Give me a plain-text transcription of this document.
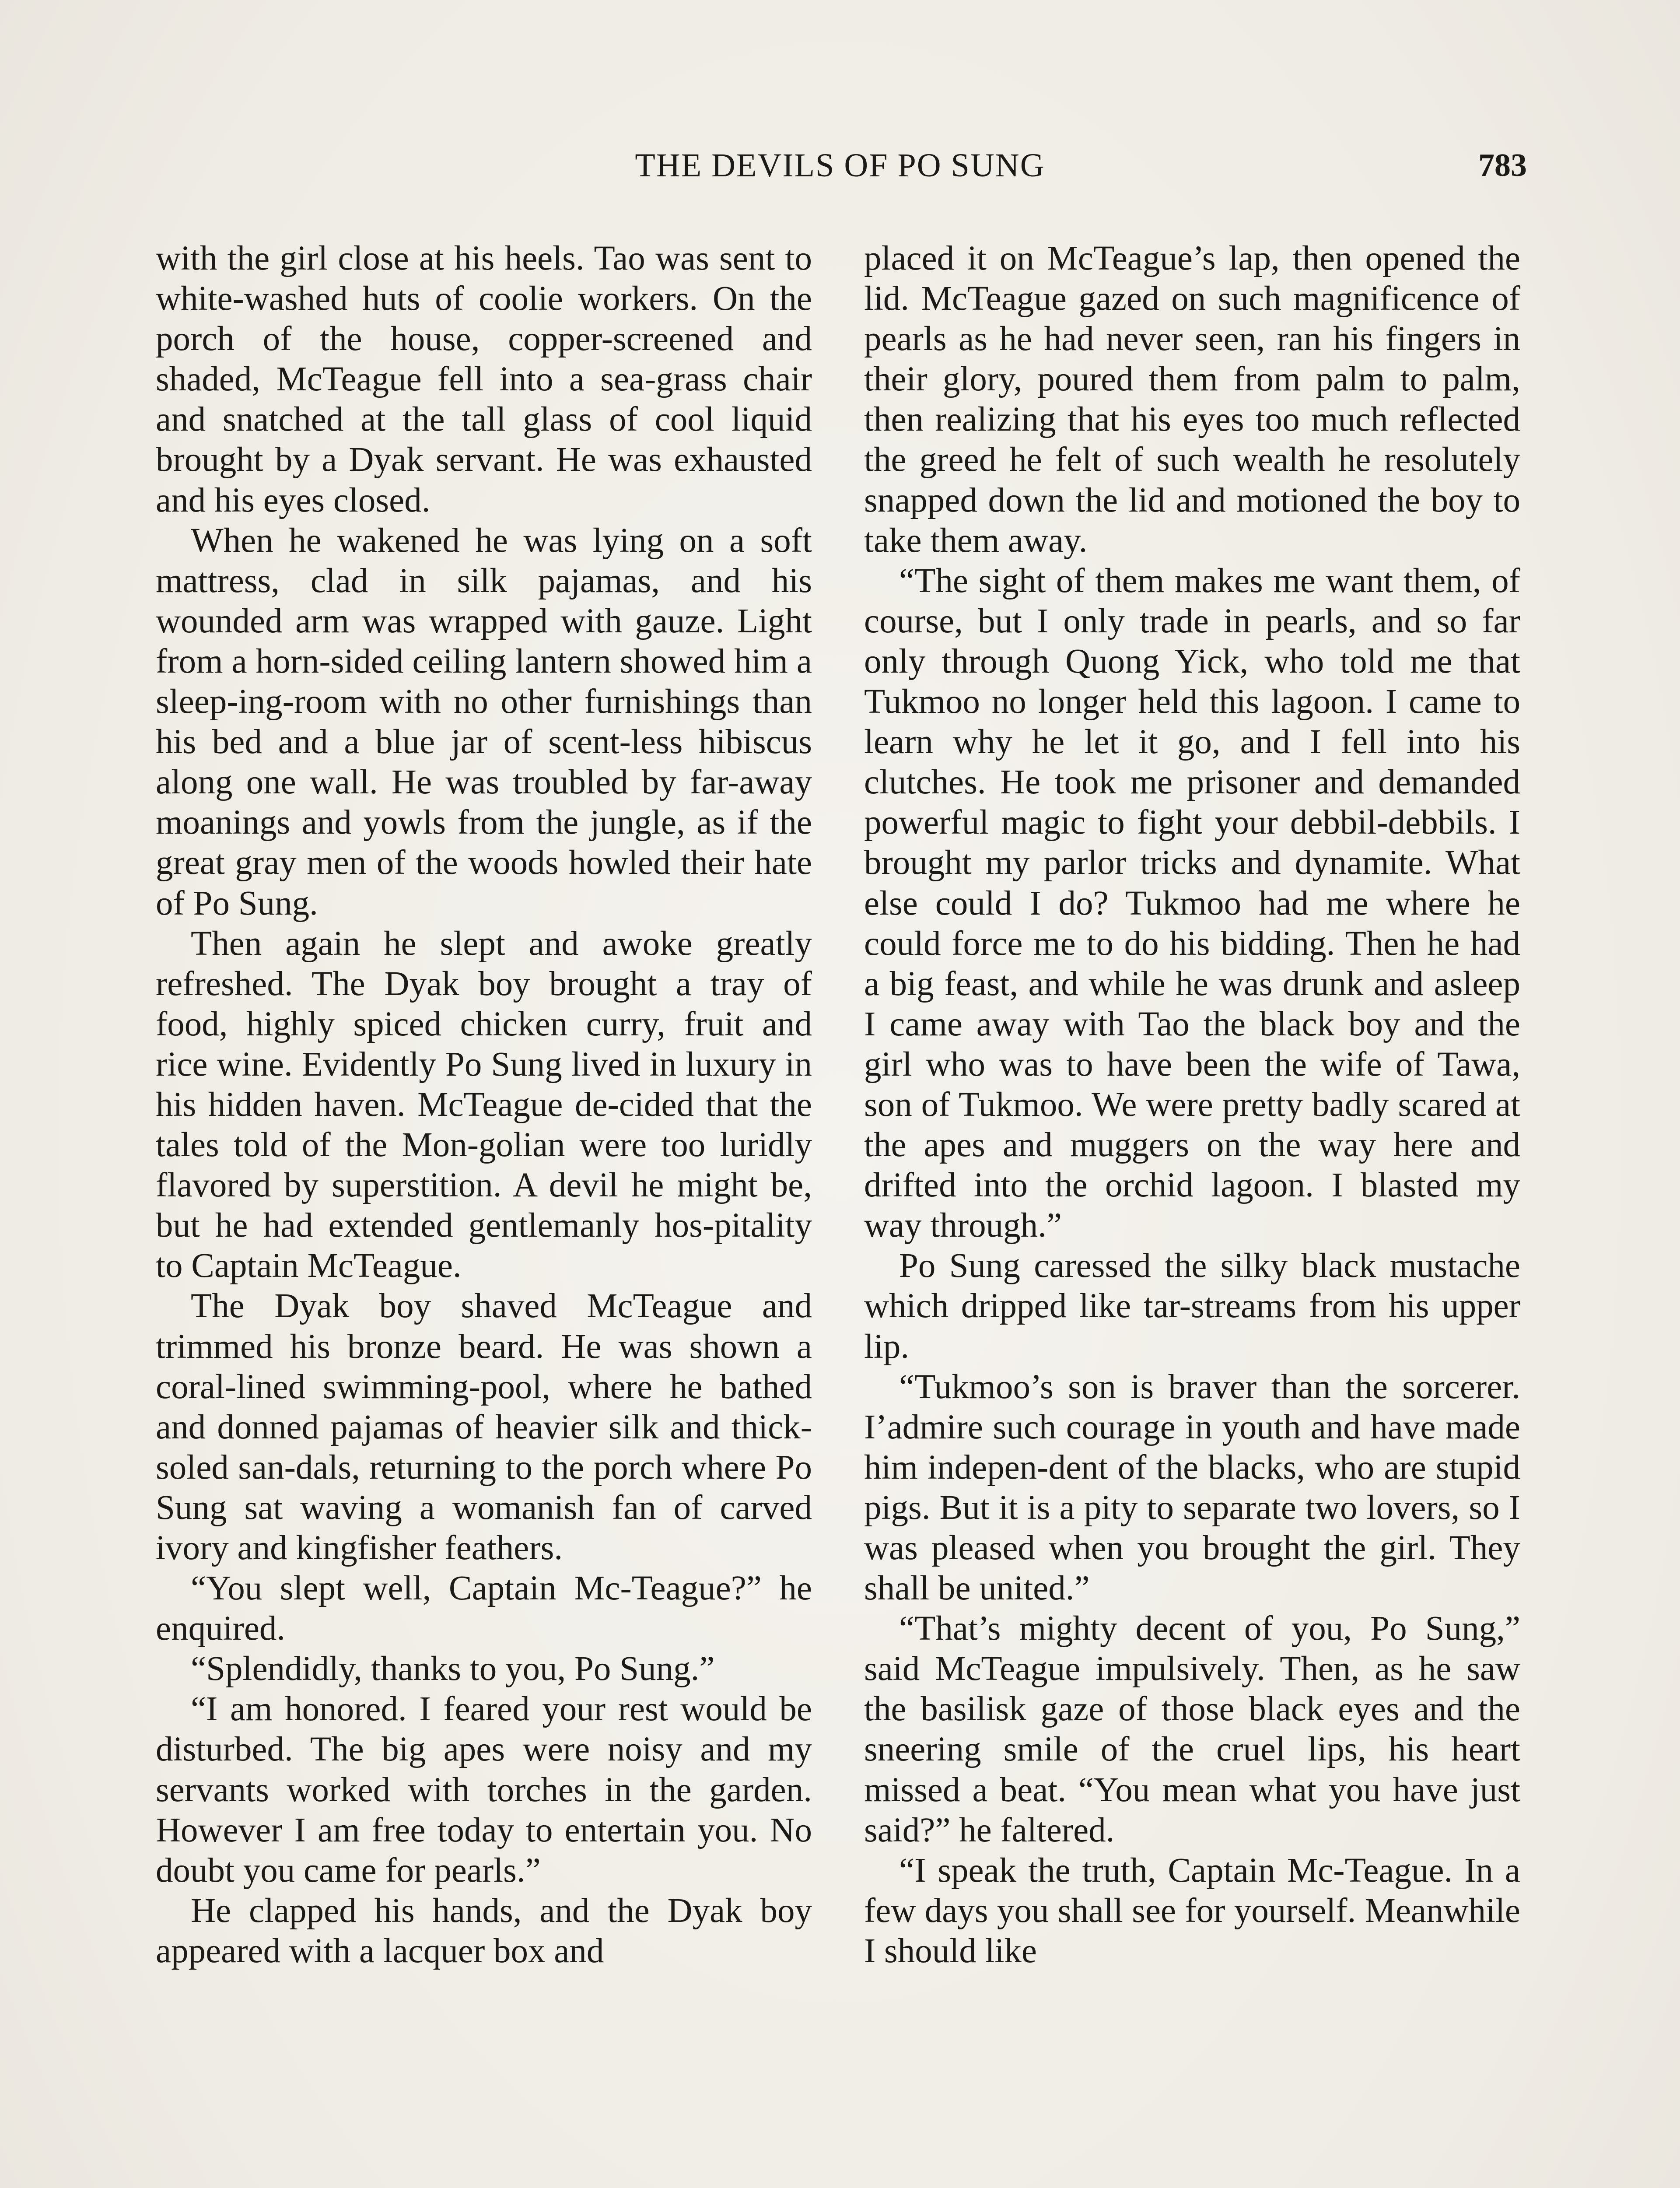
THE DEVILS OF PO SUNG	783

with the girl close at his heels. Tao was sent to white-washed huts of coolie workers. On the porch of the house, copper-screened and shaded, McTeague fell into a sea-grass chair and snatched at the tall glass of cool liquid brought by a Dyak servant. He was exhausted and his eyes closed.

When he wakened he was lying on a soft mattress, clad in silk pajamas, and his wounded arm was wrapped with gauze. Light from a horn-sided ceiling lantern showed him a sleep-ing-room with no other furnishings than his bed and a blue jar of scent-less hibiscus along one wall. He was troubled by far-away moanings and yowls from the jungle, as if the great gray men of the woods howled their hate of Po Sung.

Then again he slept and awoke greatly refreshed. The Dyak boy brought a tray of food, highly spiced chicken curry, fruit and rice wine. Evidently Po Sung lived in luxury in his hidden haven. McTeague de-cided that the tales told of the Mon-golian were too luridly flavored by superstition. A devil he might be, but he had extended gentlemanly hos-pitality to Captain McTeague.

The Dyak boy shaved McTeague and trimmed his bronze beard. He was shown a coral-lined swimming-pool, where he bathed and donned pajamas of heavier silk and thick-soled san-dals, returning to the porch where Po Sung sat waving a womanish fan of carved ivory and kingfisher feathers.

“You slept well, Captain Mc-Teague?” he enquired.

“Splendidly, thanks to you, Po Sung.”

“I am honored. I feared your rest would be disturbed. The big apes were noisy and my servants worked with torches in the garden. However I am free today to entertain you. No doubt you came for pearls.”

He clapped his hands, and the Dyak boy appeared with a lacquer box and

placed it on McTeague’s lap, then opened the lid. McTeague gazed on such magnificence of pearls as he had never seen, ran his fingers in their glory, poured them from palm to palm, then realizing that his eyes too much reflected the greed he felt of such wealth he resolutely snapped down the lid and motioned the boy to take them away.

“The sight of them makes me want them, of course, but I only trade in pearls, and so far only through Quong Yick, who told me that Tukmoo no longer held this lagoon. I came to learn why he let it go, and I fell into his clutches. He took me prisoner and demanded powerful magic to fight your debbil-debbils. I brought my parlor tricks and dynamite. What else could I do? Tukmoo had me where he could force me to do his bidding. Then he had a big feast, and while he was drunk and asleep I came away with Tao the black boy and the girl who was to have been the wife of Tawa, son of Tukmoo. We were pretty badly scared at the apes and muggers on the way here and drifted into the orchid lagoon. I blasted my way through.”

Po Sung caressed the silky black mustache which dripped like tar-streams from his upper lip.

“Tukmoo’s son is braver than the sorcerer. I’admire such courage in youth and have made him indepen-dent of the blacks, who are stupid pigs. But it is a pity to separate two lovers, so I was pleased when you brought the girl. They shall be united.”

“That’s mighty decent of you, Po Sung,” said McTeague impulsively. Then, as he saw the basilisk gaze of those black eyes and the sneering smile of the cruel lips, his heart missed a beat. “You mean what you have just said?” he faltered.

“I speak the truth, Captain Mc-Teague. In a few days you shall see for yourself. Meanwhile I should like
